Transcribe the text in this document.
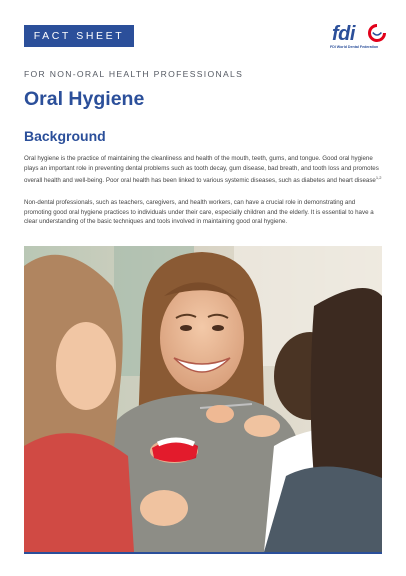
FACT SHEET	fdi
FDI World Dental Federation
FOR NON-ORAL HEALTH PROFESSIONALS
Oral Hygiene
Background

Oral hygiene is the practice of maintaining the cleanliness and health of the mouth, teeth, gums, and tongue. Good oral hygiene plays an important role in preventing dental problems such as tooth decay, gum disease, bad breath, and tooth loss and promotes overall health and well-being. Poor oral health has been linked to various systemic diseases, such as diabetes and heart disease$^{1,2}$

Non-dental professionals, such as teachers, caregivers, and health workers, can have a crucial role in demonstrating and promoting good oral hygiene practices to individuals under their care, especially children and the elderly. It is essential to have a clear understanding of the basic techniques and tools involved in maintaining good oral hygiene.
